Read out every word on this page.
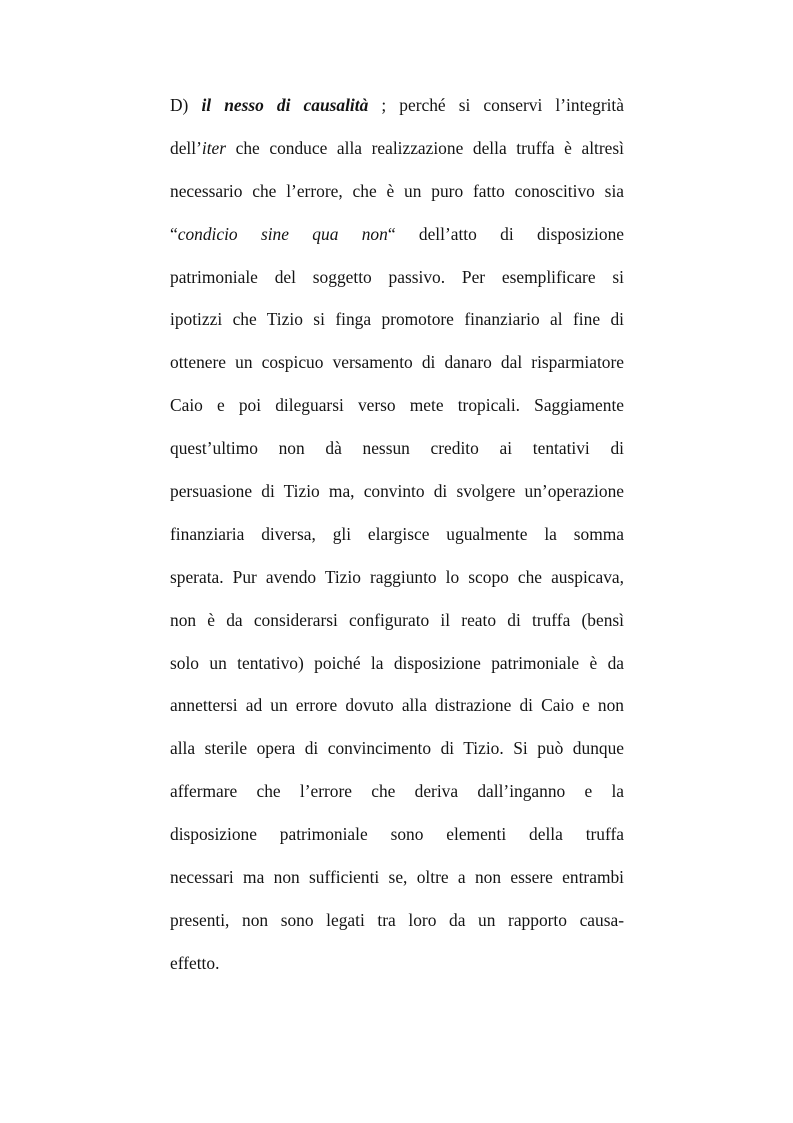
D) il nesso di causalità ; perché si conservi l’integrità
dell’iter che conduce alla realizzazione della truffa è altresì
necessario che l’errore, che è un puro fatto conoscitivo sia
“condicio sine qua non“ dell’atto di disposizione
patrimoniale del soggetto passivo. Per esemplificare si
ipotizzi che Tizio si finga promotore finanziario al fine di
ottenere un cospicuo versamento di danaro dal risparmiatore
Caio e poi dileguarsi verso mete tropicali. Saggiamente
quest’ultimo non dà nessun credito ai tentativi di
persuasione di Tizio ma, convinto di svolgere un’operazione
finanziaria diversa, gli elargisce ugualmente la somma
sperata. Pur avendo Tizio raggiunto lo scopo che auspicava,
non è da considerarsi configurato il reato di truffa (bensì
solo un tentativo) poiché la disposizione patrimoniale è da
annettersi ad un errore dovuto alla distrazione di Caio e non
alla sterile opera di convincimento di Tizio. Si può dunque
affermare che l’errore che deriva dall’inganno e la
disposizione patrimoniale sono elementi della truffa
necessari ma non sufficienti se, oltre a non essere entrambi
presenti, non sono legati tra loro da un rapporto causa-
effetto.
